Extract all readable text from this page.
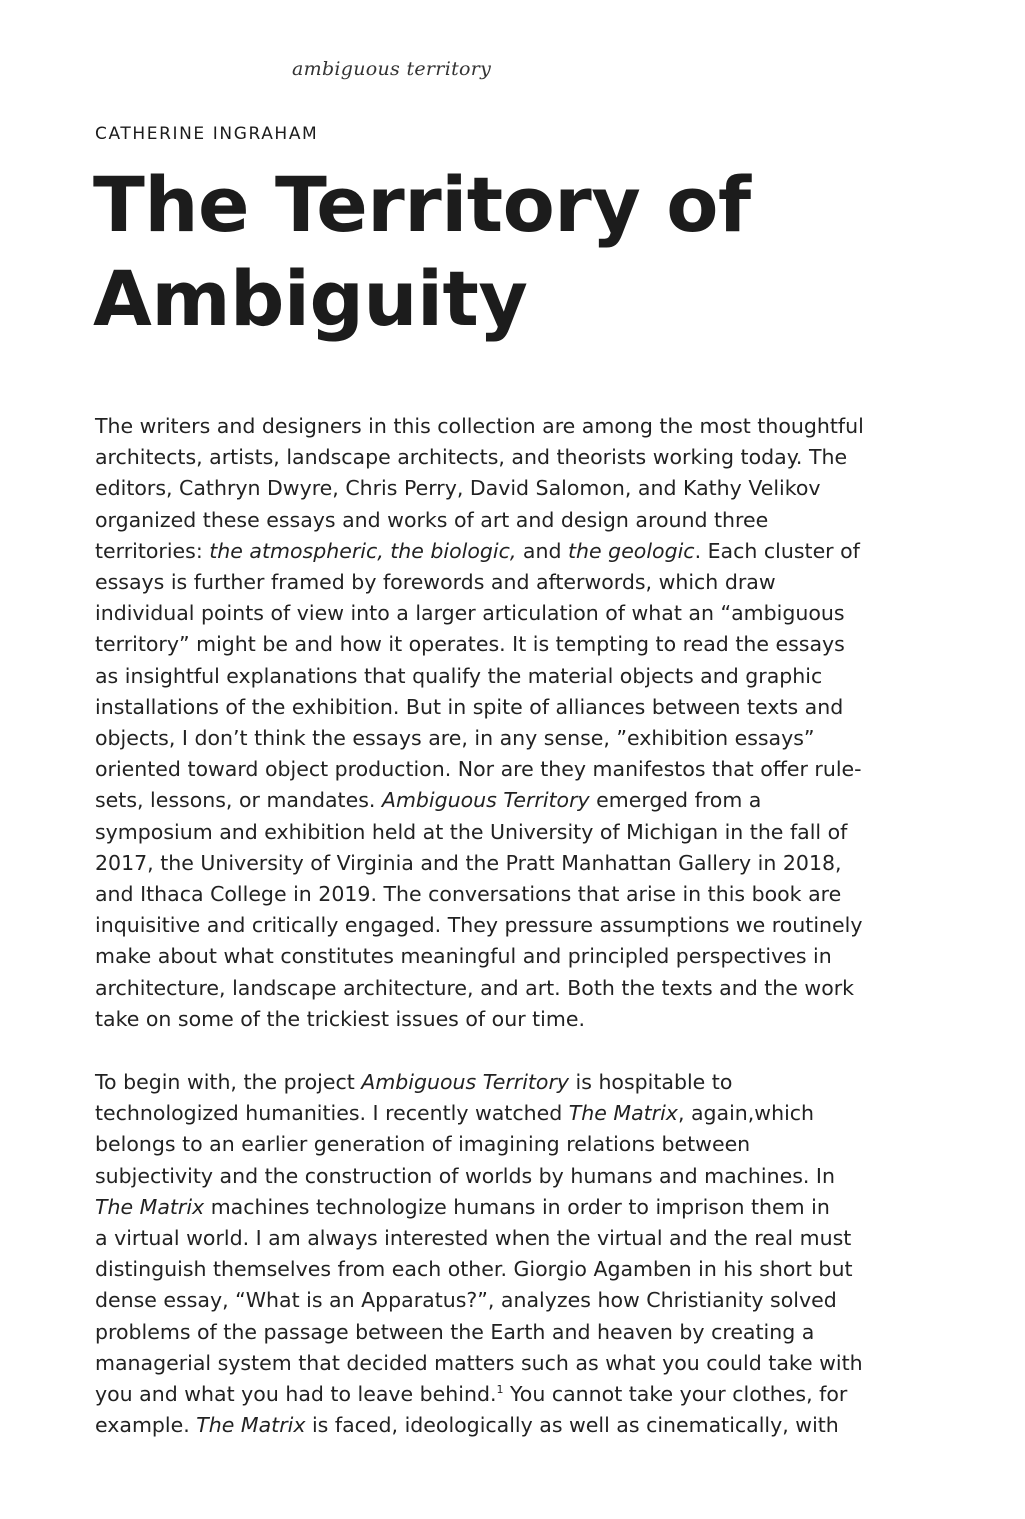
ambiguous territory
CATHERINE INGRAHAM
The Territory of
Ambiguity
The writers and designers in this collection are among the most thoughtful
architects, artists, landscape architects, and theorists working today. The
editors, Cathryn Dwyre, Chris Perry, David Salomon, and Kathy Velikov
organized these essays and works of art and design around three
territories: the atmospheric, the biologic, and the geologic. Each cluster of
essays is further framed by forewords and afterwords, which draw
individual points of view into a larger articulation of what an “ambiguous
territory” might be and how it operates. It is tempting to read the essays
as insightful explanations that qualify the material objects and graphic
installations of the exhibition. But in spite of alliances between texts and
objects, I don’t think the essays are, in any sense, ”exhibition essays”
oriented toward object production. Nor are they manifestos that offer rule-
sets, lessons, or mandates. Ambiguous Territory emerged from a
symposium and exhibition held at the University of Michigan in the fall of
2017, the University of Virginia and the Pratt Manhattan Gallery in 2018,
and Ithaca College in 2019. The conversations that arise in this book are
inquisitive and critically engaged. They pressure assumptions we routinely
make about what constitutes meaningful and principled perspectives in
architecture, landscape architecture, and art. Both the texts and the work
take on some of the trickiest issues of our time.
To begin with, the project Ambiguous Territory is hospitable to
technologized humanities. I recently watched The Matrix, again,which
belongs to an earlier generation of imagining relations between
subjectivity and the construction of worlds by humans and machines. In
The Matrix machines technologize humans in order to imprison them in
a virtual world. I am always interested when the virtual and the real must
distinguish themselves from each other. Giorgio Agamben in his short but
dense essay, “What is an Apparatus?”, analyzes how Christianity solved
problems of the passage between the Earth and heaven by creating a
managerial system that decided matters such as what you could take with
you and what you had to leave behind.$^1$ You cannot take your clothes, for
example. The Matrix is faced, ideologically as well as cinematically, with
